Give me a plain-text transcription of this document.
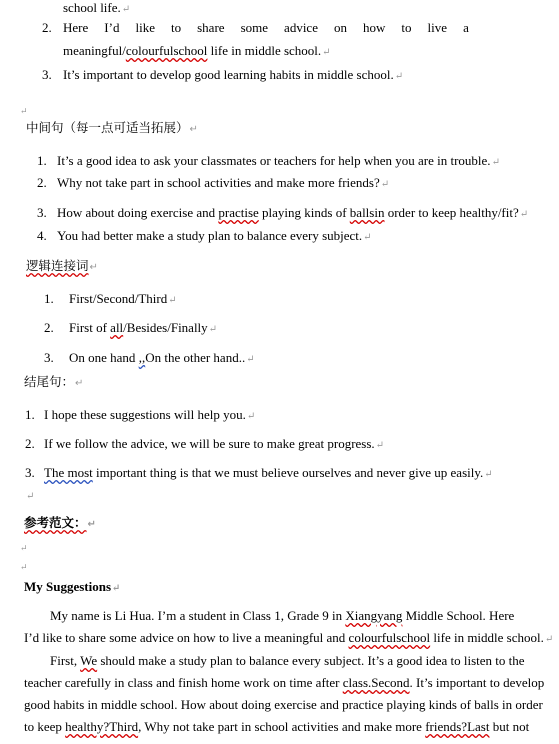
school life.↵
2. Here I’d like to share some advice on how to live a
meaningful/colourfulschool life in middle school.↵
3. It’s important to develop good learning habits in middle school.↵
↵
中间句（每一点可适当拓展）↵
1. It’s a good idea to ask your classmates or teachers for help when you are in trouble.↵
2. Why not take part in school activities and make more friends?↵
3. How about doing exercise and practise playing kinds of ballsin order to keep healthy/fit?↵
4. You had better make a study plan to balance every subject.↵
逻辑连接词↵
1. First/Second/Third↵
2. First of all/Besides/Finally↵
3. On one hand ,,On the other hand..↵
结尾句：↵
1. I hope these suggestions will help you.↵
2. If we follow the advice, we will be sure to make great progress.↵
3. The most important thing is that we must believe ourselves and never give up easily.↵
↵
参考范文：↵
↵
↵
My Suggestions↵
My name is Li Hua. I’m a student in Class 1, Grade 9 in Xiangyang Middle School. Here
I’d like to share some advice on how to live a meaningful and colourfulschool life in middle school.↵
First, We should make a study plan to balance every subject. It’s a good idea to listen to the
teacher carefully in class and finish home work on time after class.Second. It’s important to develop
good habits in middle school. How about doing exercise and practice playing kinds of balls in order
to keep healthy?Third, Why not take part in school activities and make more friends?Last but not
